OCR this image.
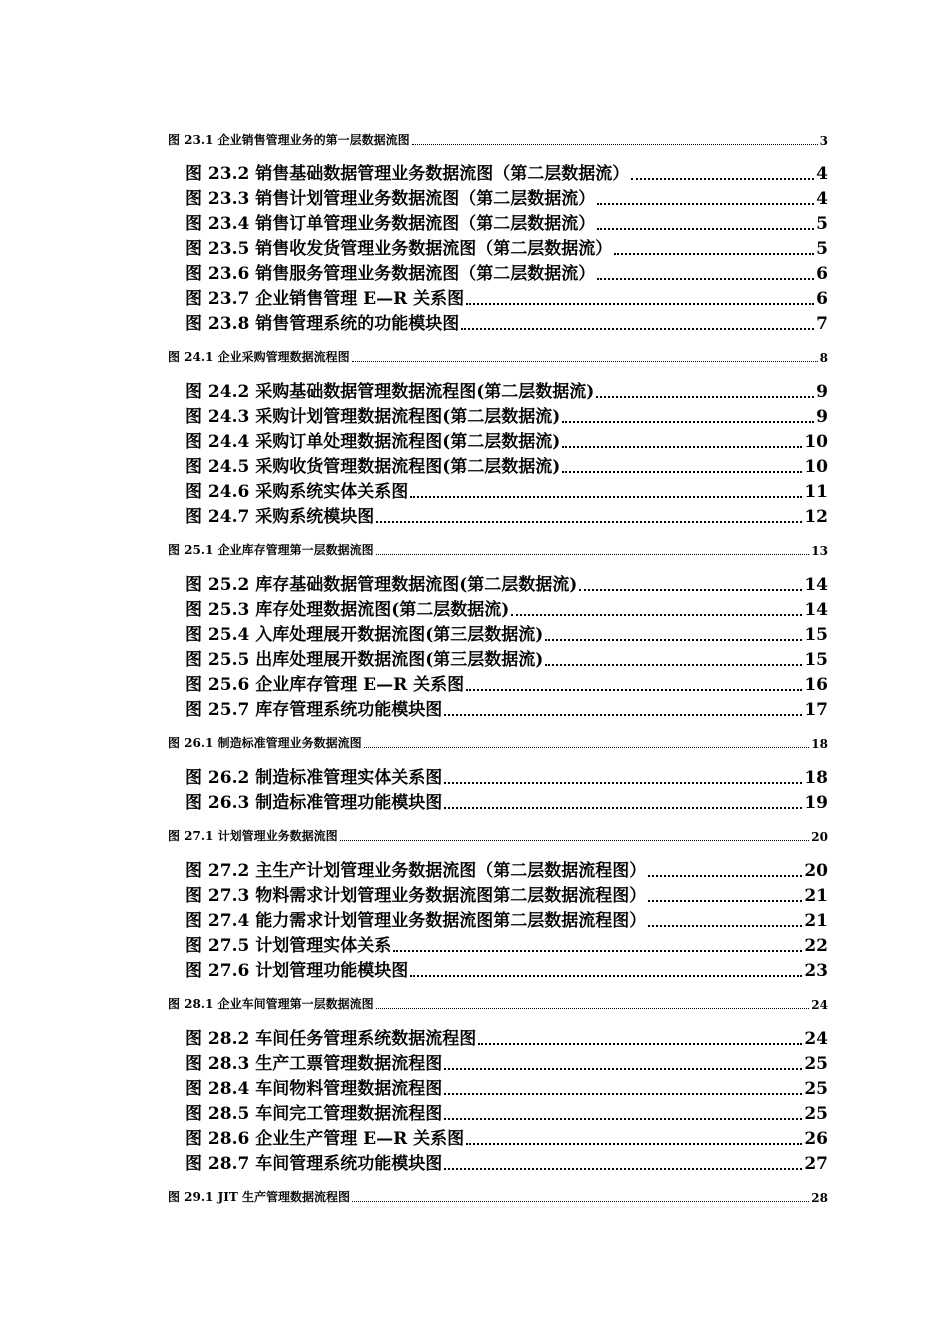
图 23.1 企业销售管理业务的第一层数据流图	3
图 23.2 销售基础数据管理业务数据流图（第二层数据流）	4
图 23.3 销售计划管理业务数据流图（第二层数据流）	4
图 23.4 销售订单管理业务数据流图（第二层数据流）	5
图 23.5 销售收发货管理业务数据流图（第二层数据流）	5
图 23.6 销售服务管理业务数据流图（第二层数据流）	6
图 23.7 企业销售管理 E—R 关系图	6
图 23.8 销售管理系统的功能模块图	7
图 24.1 企业采购管理数据流程图	8
图 24.2 采购基础数据管理数据流程图(第二层数据流)	9
图 24.3 采购计划管理数据流程图(第二层数据流)	9
图 24.4 采购订单处理数据流程图(第二层数据流)	10
图 24.5 采购收货管理数据流程图(第二层数据流)	10
图 24.6 采购系统实体关系图	11
图 24.7 采购系统模块图	12
图 25.1 企业库存管理第一层数据流图	13
图 25.2 库存基础数据管理数据流图(第二层数据流)	14
图 25.3 库存处理数据流图(第二层数据流)	14
图 25.4 入库处理展开数据流图(第三层数据流)	15
图 25.5 出库处理展开数据流图(第三层数据流)	15
图 25.6 企业库存管理 E—R 关系图	16
图 25.7 库存管理系统功能模块图	17
图 26.1 制造标准管理业务数据流图	18
图 26.2 制造标准管理实体关系图	18
图 26.3 制造标准管理功能模块图	19
图 27.1 计划管理业务数据流图	20
图 27.2 主生产计划管理业务数据流图（第二层数据流程图）	20
图 27.3 物料需求计划管理业务数据流图第二层数据流程图）	21
图 27.4 能力需求计划管理业务数据流图第二层数据流程图）	21
图 27.5 计划管理实体关系	22
图 27.6 计划管理功能模块图	23
图 28.1 企业车间管理第一层数据流图	24
图 28.2 车间任务管理系统数据流程图	24
图 28.3 生产工票管理数据流程图	25
图 28.4 车间物料管理数据流程图	25
图 28.5 车间完工管理数据流程图	25
图 28.6 企业生产管理 E—R 关系图	26
图 28.7 车间管理系统功能模块图	27
图 29.1 JIT 生产管理数据流程图	28
